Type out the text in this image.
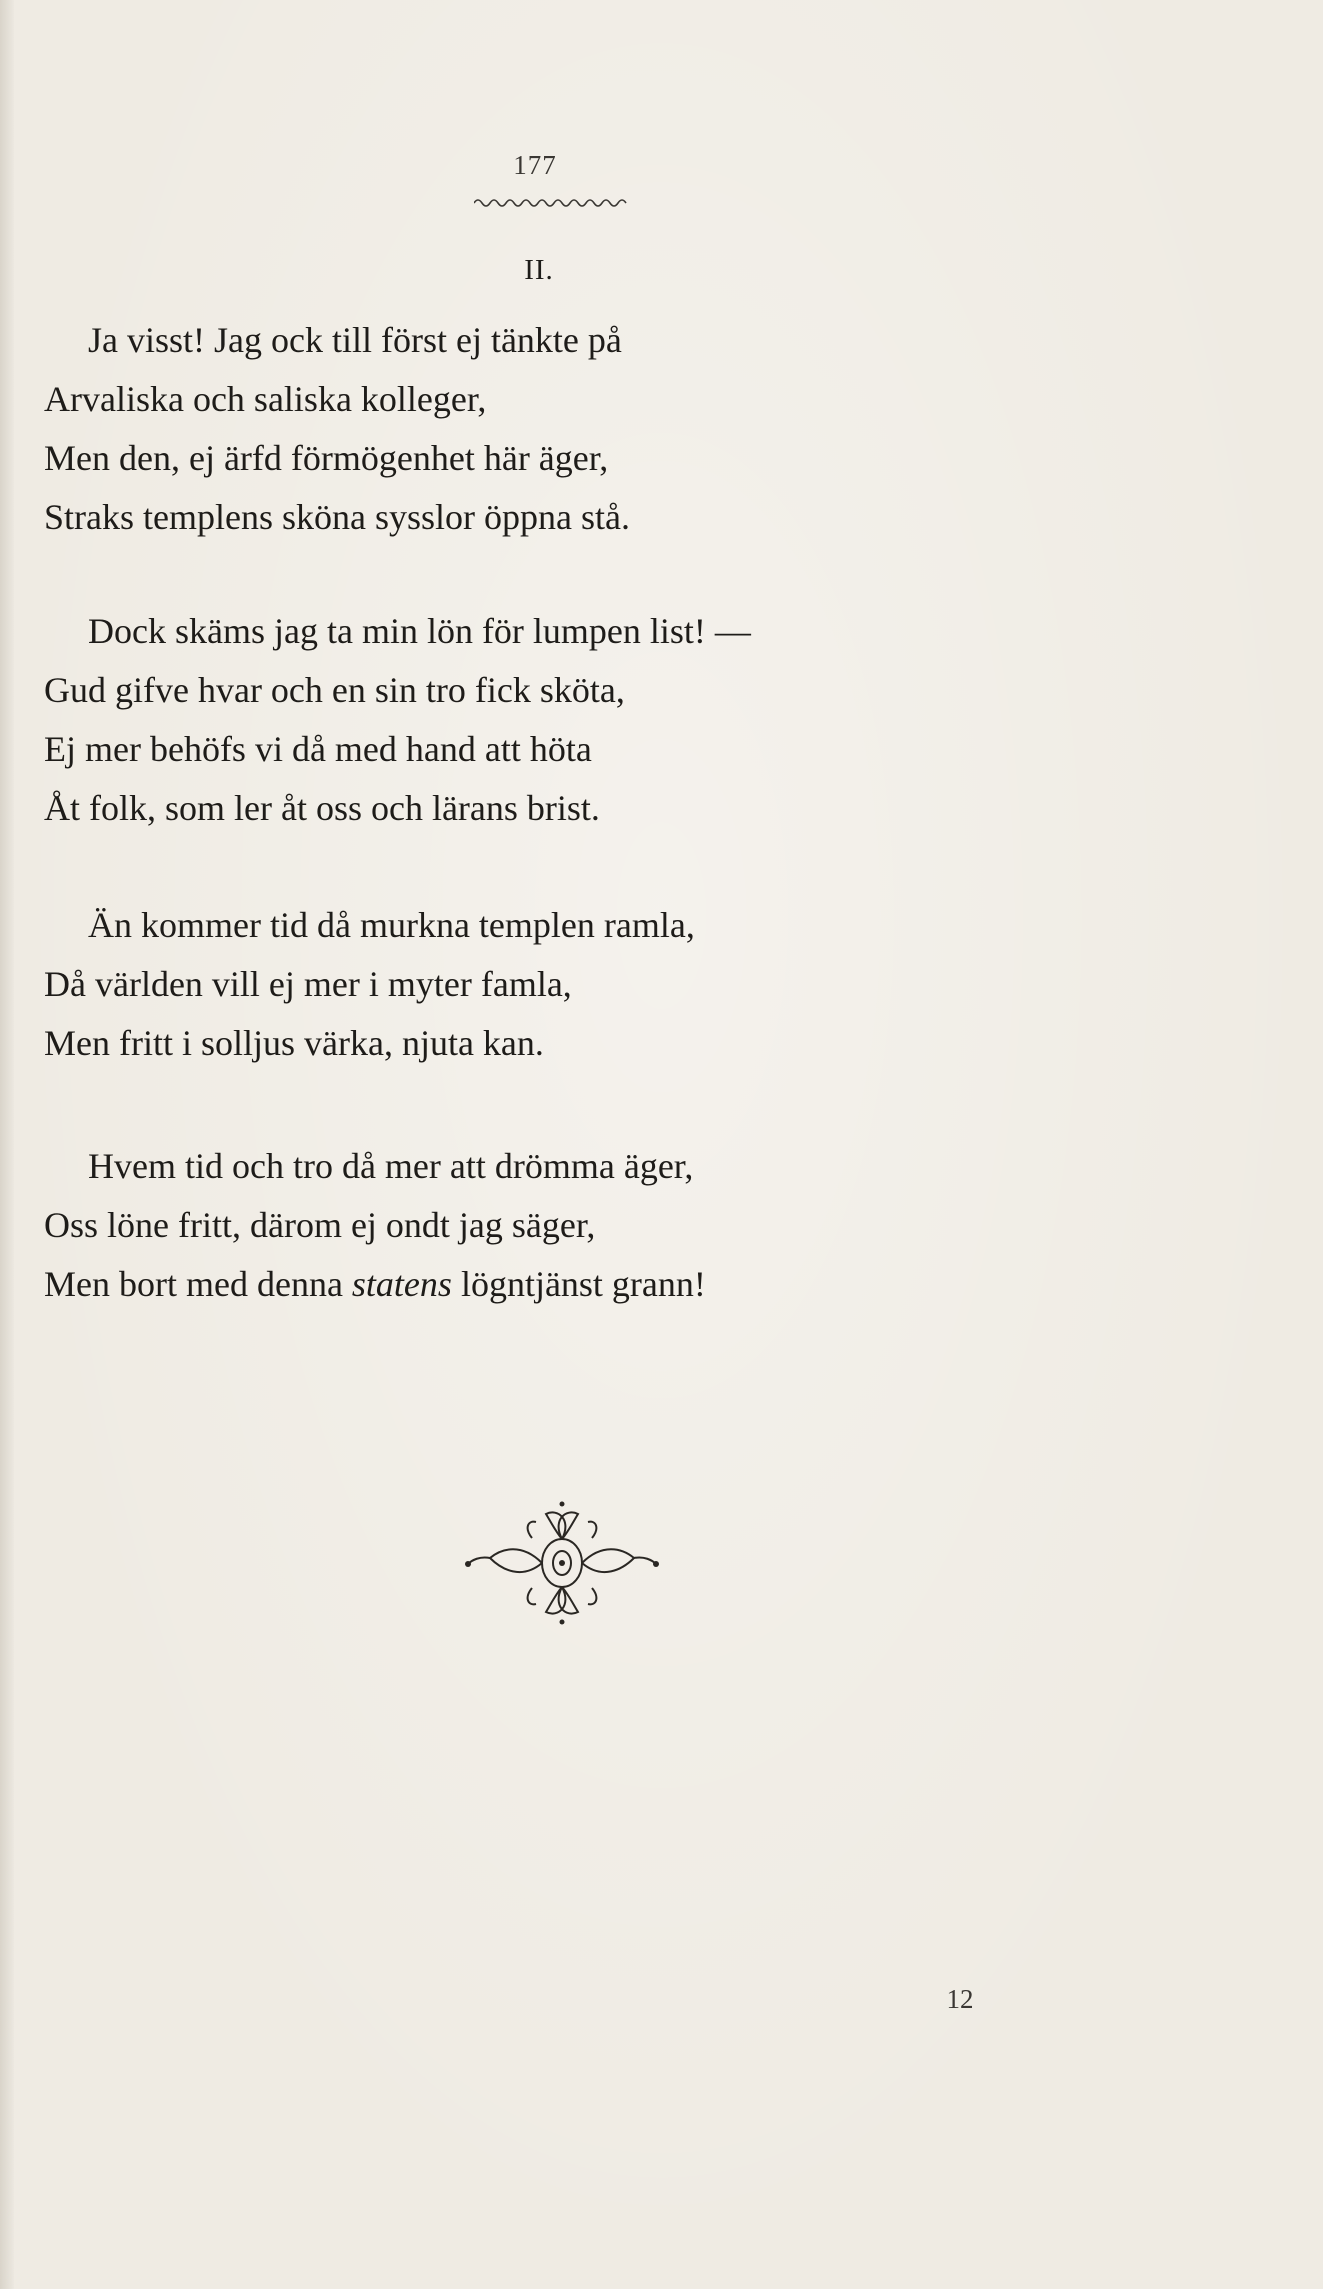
177
II.
Ja visst! Jag ock till först ej tänkte på
Arvaliska och saliska kolleger,
Men den, ej ärfd förmögenhet här äger,
Straks templens sköna sysslor öppna stå.
Dock skäms jag ta min lön för lumpen list! —
Gud gifve hvar och en sin tro fick sköta,
Ej mer behöfs vi då med hand att höta
Åt folk, som ler åt oss och lärans brist.
Än kommer tid då murkna templen ramla,
Då världen vill ej mer i myter famla,
Men fritt i solljus värka, njuta kan.
Hvem tid och tro då mer att drömma äger,
Oss löne fritt, därom ej ondt jag säger,
Men bort med denna statens lögntjänst grann!
12
